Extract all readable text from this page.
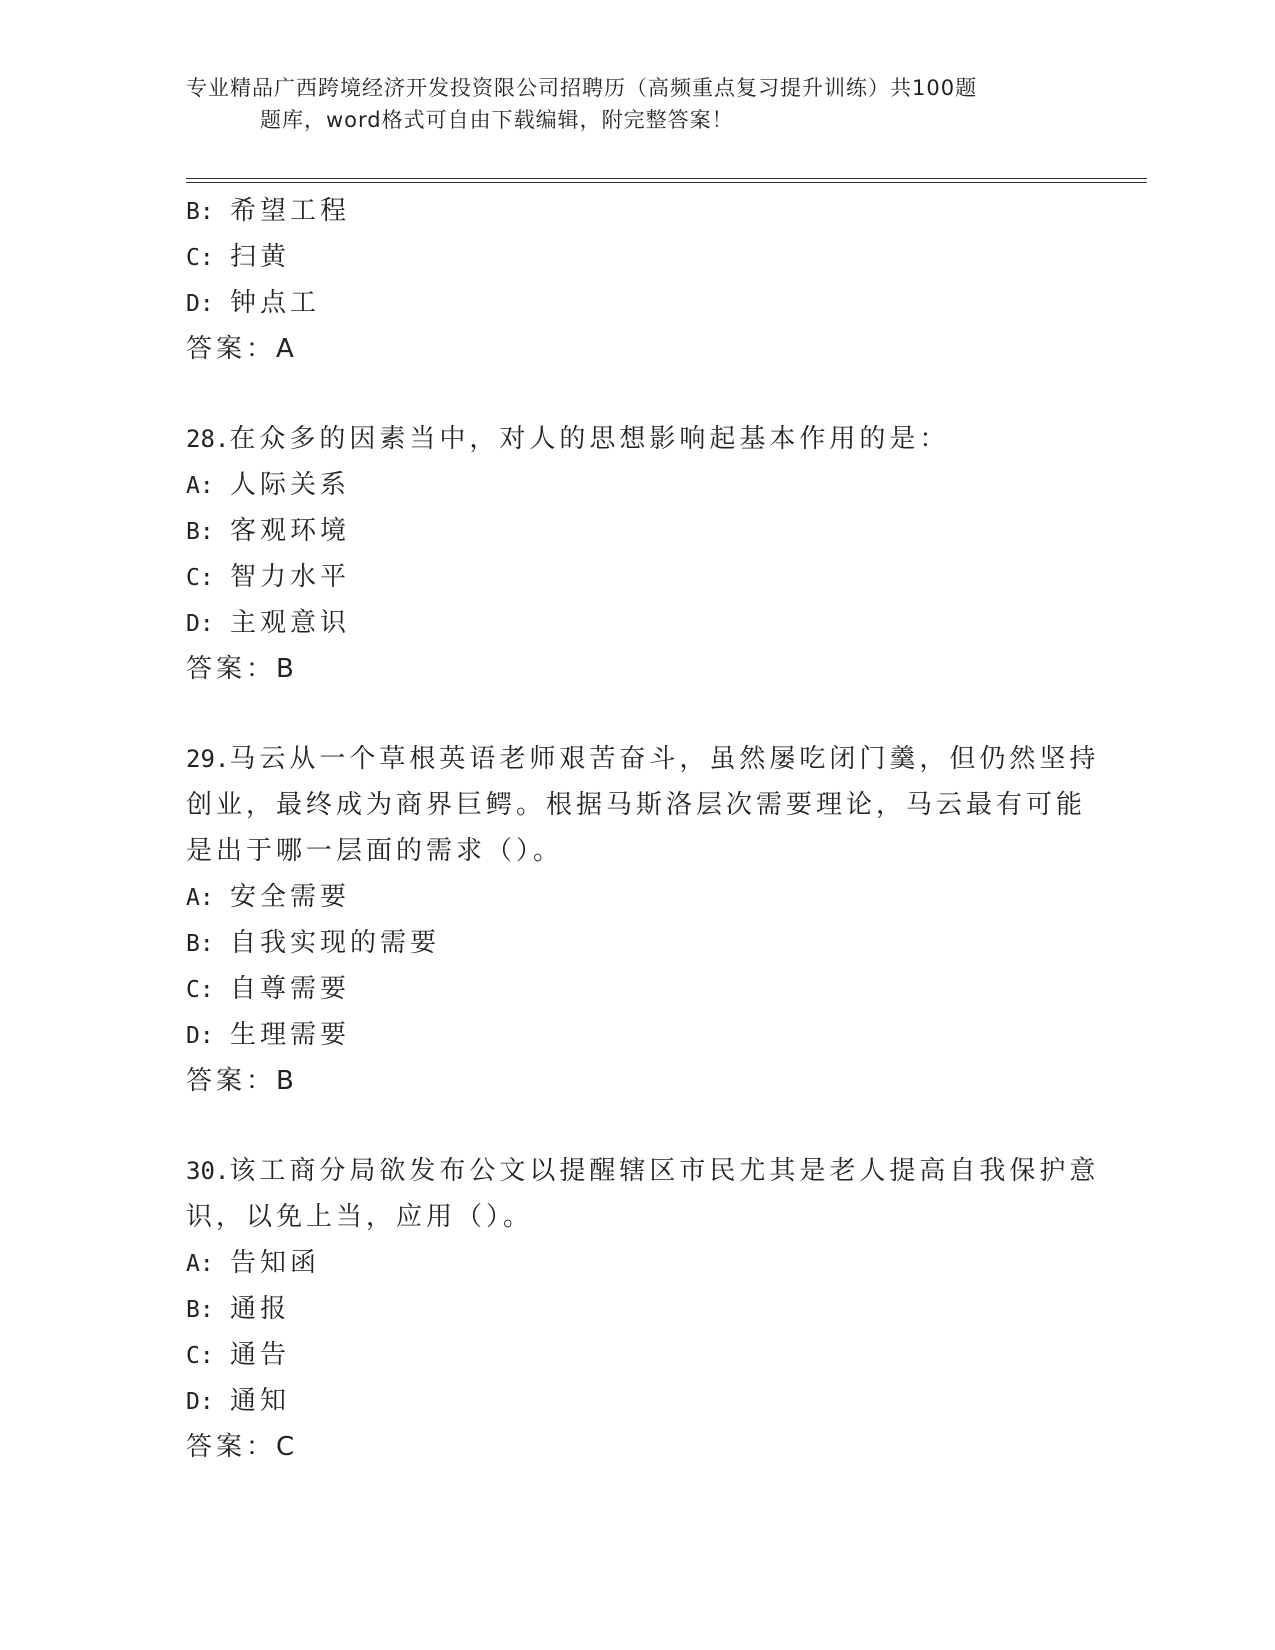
专业精品广西跨境经济开发投资限公司招聘历（高频重点复习提升训练）共100题

题库，word格式可自由下载编辑，附完整答案！
B: 希望工程
C: 扫黄
D: 钟点工
答案：A
28.在众多的因素当中，对人的思想影响起基本作用的是：
A: 人际关系
B: 客观环境
C: 智力水平
D: 主观意识
答案：B
29.马云从一个草根英语老师艰苦奋斗，虽然屡吃闭门羹，但仍然坚持
创业，最终成为商界巨鳄。根据马斯洛层次需要理论，马云最有可能
是出于哪一层面的需求（）。
A: 安全需要
B: 自我实现的需要
C: 自尊需要
D: 生理需要
答案：B
30.该工商分局欲发布公文以提醒辖区市民尤其是老人提高自我保护意
识，以免上当，应用（）。
A: 告知函
B: 通报
C: 通告
D: 通知
答案：C
